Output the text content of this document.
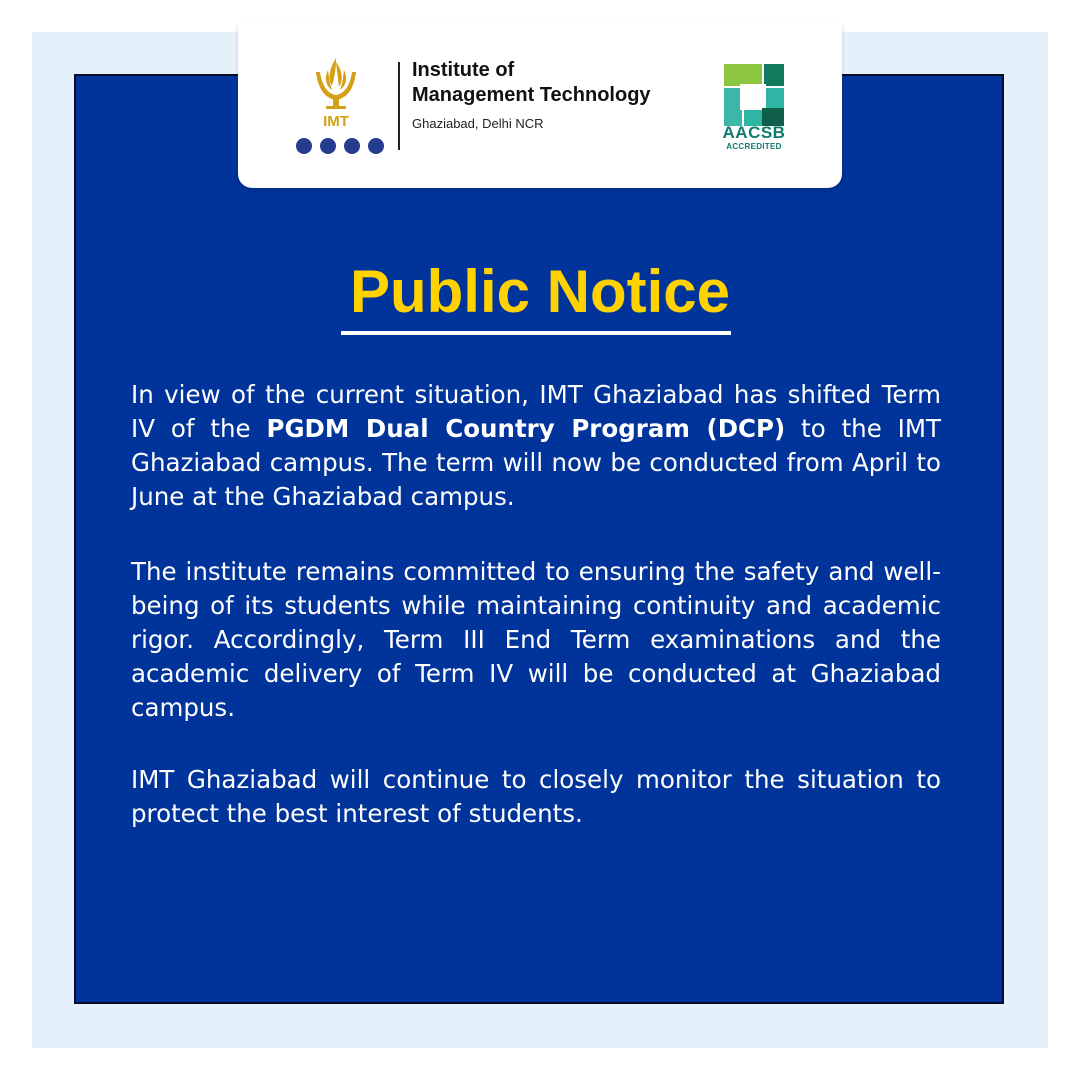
IMT
Institute of
Management Technology
Ghaziabad, Delhi NCR	AACSB
ACCREDITED
Public Notice

In view of the current situation, IMT Ghaziabad has shifted Term IV of the PGDM Dual Country Program (DCP) to the IMT Ghaziabad campus. The term will now be conducted from April to June at the Ghaziabad campus.

The institute remains committed to ensuring the safety and well-being of its students while maintaining continuity and academic rigor. Accordingly, Term III End Term examinations and the academic delivery of Term IV will be conducted at Ghaziabad campus.

IMT Ghaziabad will continue to closely monitor the situation to protect the best interest of students.
